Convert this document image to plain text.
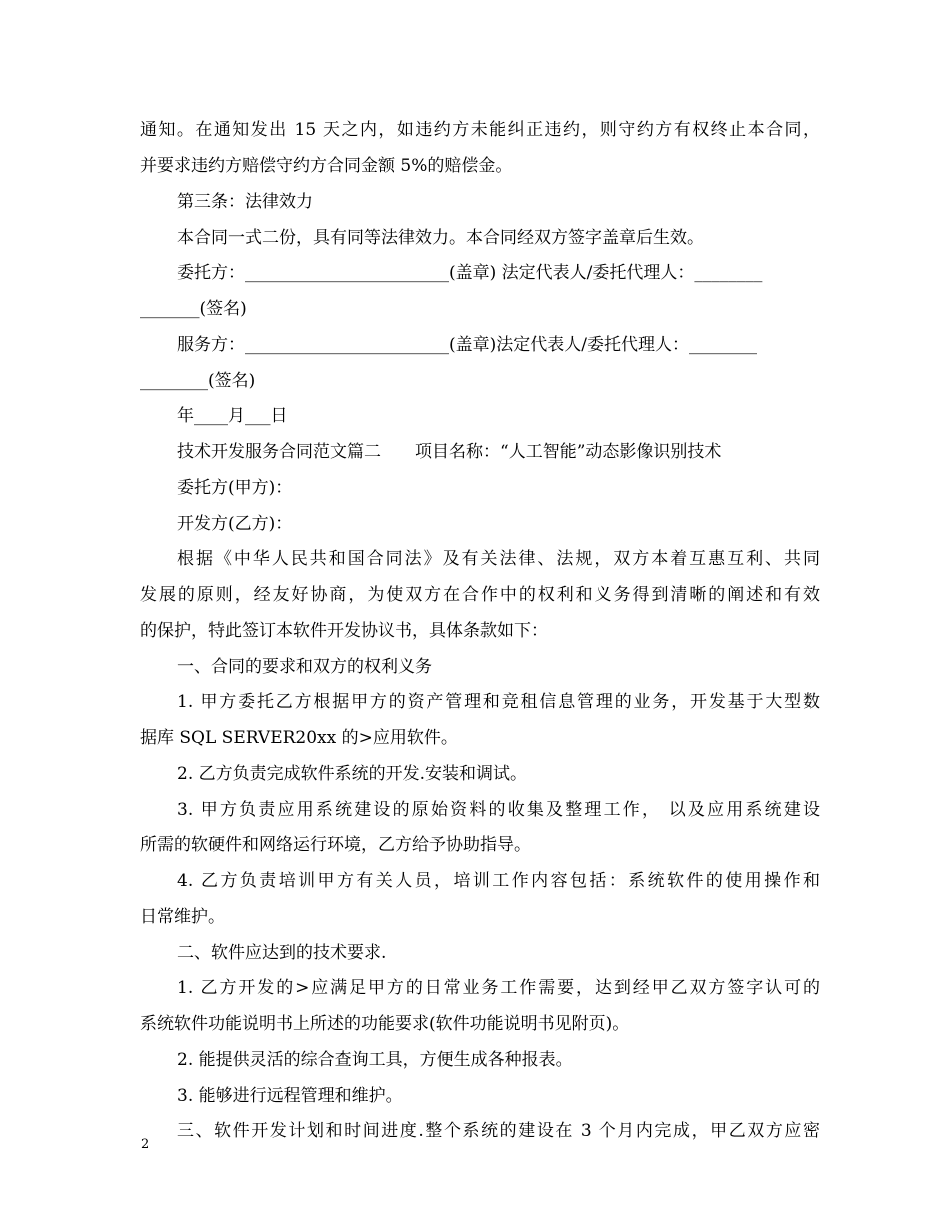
通知。在通知发出 15 天之内，如违约方未能纠正违约，则守约方有权终止本合同，
并要求违约方赔偿守约方合同金额 5%的赔偿金。
第三条：法律效力
本合同一式二份，具有同等法律效力。本合同经双方签字盖章后生效。
委托方：________________________(盖章) 法定代表人/委托代理人：________
_______(签名)
服务方：________________________(盖章)法定代表人/委托代理人：________
________(签名)
年____月___日
技术开发服务合同范文篇二　　项目名称：“人工智能”动态影像识别技术
委托方(甲方)：
开发方(乙方)：
根据《中华人民共和国合同法》及有关法律、法规，双方本着互惠互利、共同
发展的原则，经友好协商，为使双方在合作中的权利和义务得到清晰的阐述和有效
的保护，特此签订本软件开发协议书，具体条款如下：
一、合同的要求和双方的权利义务
1. 甲方委托乙方根据甲方的资产管理和竞租信息管理的业务，开发基于大型数
据库 SQL SERVER20xx 的>应用软件。
2. 乙方负责完成软件系统的开发.安装和调试。
3. 甲方负责应用系统建设的原始资料的收集及整理工作， 以及应用系统建设
所需的软硬件和网络运行环境，乙方给予协助指导。
4. 乙方负责培训甲方有关人员，培训工作内容包括：系统软件的使用操作和
日常维护。
二、软件应达到的技术要求.
1. 乙方开发的>应满足甲方的日常业务工作需要，达到经甲乙双方签字认可的
系统软件功能说明书上所述的功能要求(软件功能说明书见附页)。
2. 能提供灵活的综合查询工具，方便生成各种报表。
3. 能够进行远程管理和维护。
三、软件开发计划和时间进度.整个系统的建设在 3 个月内完成，甲乙双方应密
2
